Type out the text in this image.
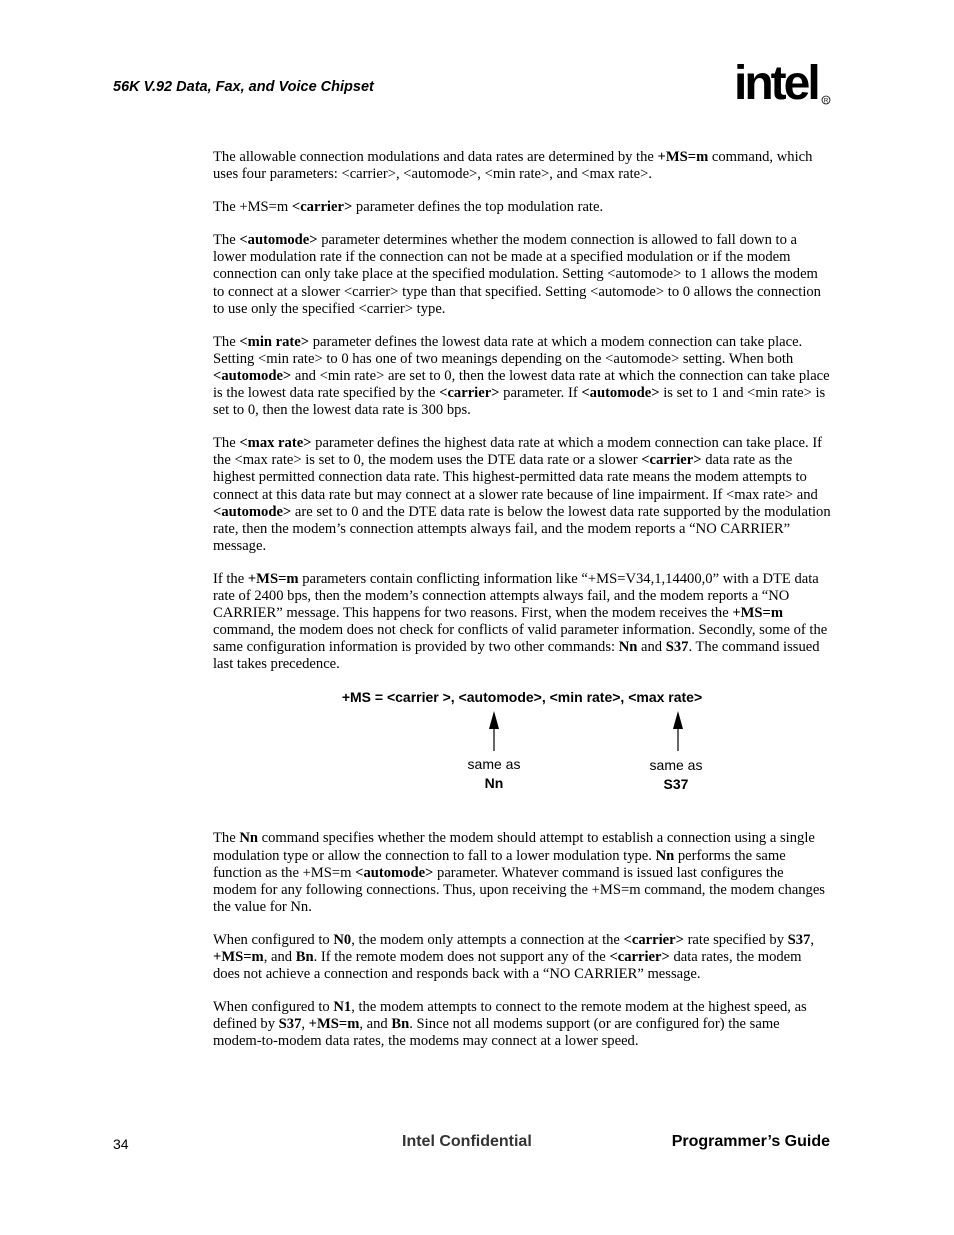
56K V.92 Data, Fax, and Voice Chipset	intel R

The allowable connection modulations and data rates are determined by the +MS=m command, which uses four parameters: <carrier>, <automode>, <min rate>, and <max rate>.

The +MS=m <carrier> parameter defines the top modulation rate.

The <automode> parameter determines whether the modem connection is allowed to fall down to a lower modulation rate if the connection can not be made at a specified modulation or if the modem connection can only take place at the specified modulation. Setting <automode> to 1 allows the modem to connect at a slower <carrier> type than that specified. Setting <automode> to 0 allows the connection to use only the specified <carrier> type.

The <min rate> parameter defines the lowest data rate at which a modem connection can take place. Setting <min rate> to 0 has one of two meanings depending on the <automode> setting. When both <automode> and <min rate> are set to 0, then the lowest data rate at which the connection can take place is the lowest data rate specified by the <carrier> parameter. If <automode> is set to 1 and <min rate> is set to 0, then the lowest data rate is 300 bps.

The <max rate> parameter defines the highest data rate at which a modem connection can take place. If the <max rate> is set to 0, the modem uses the DTE data rate or a slower <carrier> data rate as the highest permitted connection data rate. This highest-permitted data rate means the modem attempts to connect at this data rate but may connect at a slower rate because of line impairment. If <max rate> and <automode> are set to 0 and the DTE data rate is below the lowest data rate supported by the modulation rate, then the modem’s connection attempts always fail, and the modem reports a “NO CARRIER” message.

If the +MS=m parameters contain conflicting information like “+MS=V34,1,14400,0” with a DTE data rate of 2400 bps, then the modem’s connection attempts always fail, and the modem reports a “NO CARRIER” message. This happens for two reasons. First, when the modem receives the +MS=m command, the modem does not check for conflicts of valid parameter information. Secondly, some of the same configuration information is provided by two other commands: Nn and S37. The command issued last takes precedence.

+MS = <carrier >, <automode>, <min rate>, <max rate>
same as
Nn
same as
S37

The Nn command specifies whether the modem should attempt to establish a connection using a single modulation type or allow the connection to fall to a lower modulation type. Nn performs the same function as the +MS=m <automode> parameter. Whatever command is issued last configures the modem for any following connections. Thus, upon receiving the +MS=m command, the modem changes the value for Nn.

When configured to N0, the modem only attempts a connection at the <carrier> rate specified by S37, +MS=m, and Bn. If the remote modem does not support any of the <carrier> data rates, the modem does not achieve a connection and responds back with a “NO CARRIER” message.

When configured to N1, the modem attempts to connect to the remote modem at the highest speed, as defined by S37, +MS=m, and Bn. Since not all modems support (or are configured for) the same modem-to-modem data rates, the modems may connect at a lower speed.

34	Intel Confidential	Programmer’s Guide
